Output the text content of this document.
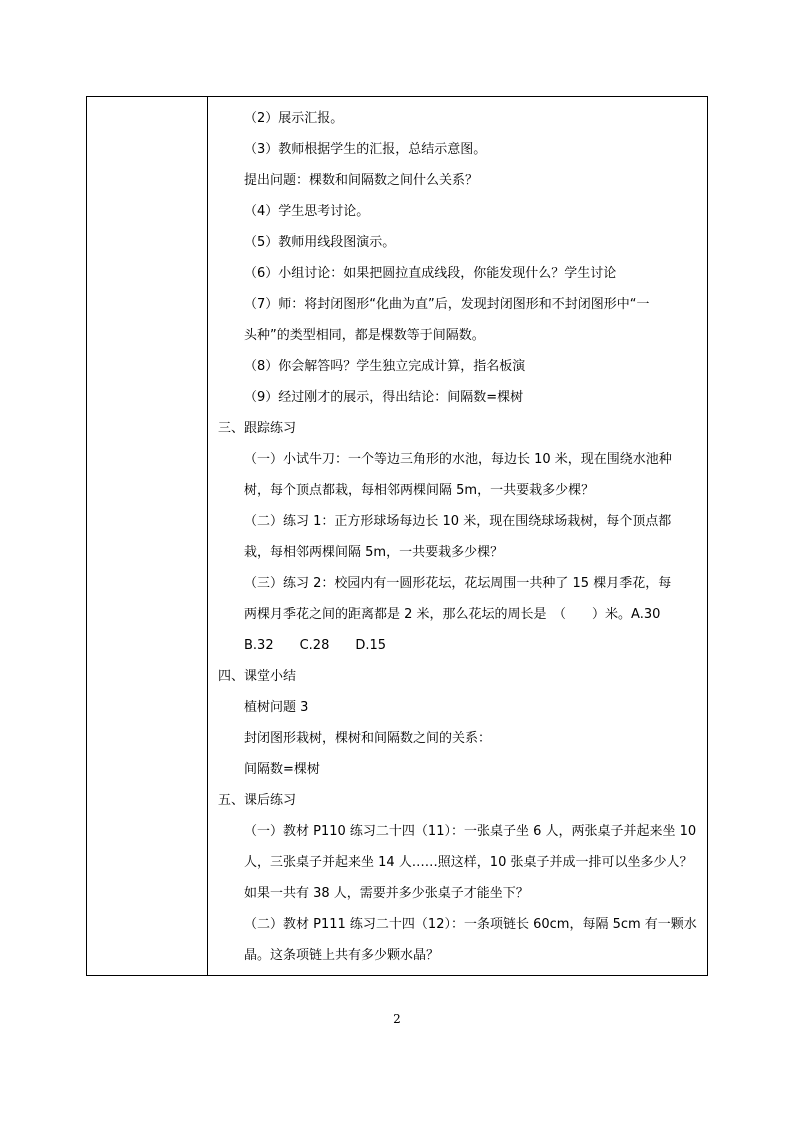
（2）展示汇报。
（3）教师根据学生的汇报，总结示意图。
提出问题：棵数和间隔数之间什么关系？
（4）学生思考讨论。
（5）教师用线段图演示。
（6）小组讨论：如果把圆拉直成线段，你能发现什么？学生讨论
（7）师：将封闭图形“化曲为直”后，发现封闭图形和不封闭图形中“一
头种”的类型相同，都是棵数等于间隔数。
（8）你会解答吗？学生独立完成计算，指名板演
（9）经过刚才的展示，得出结论：间隔数=棵树
三、跟踪练习
（一）小试牛刀：一个等边三角形的水池，每边长 10 米，现在围绕水池种
树，每个顶点都栽，每相邻两棵间隔 5m，一共要栽多少棵？
（二）练习 1：正方形球场每边长 10 米，现在围绕球场栽树，每个顶点都
栽，每相邻两棵间隔 5m，一共要栽多少棵？
（三）练习 2：校园内有一圆形花坛，花坛周围一共种了 15 棵月季花，每
两棵月季花之间的距离都是 2 米，那么花坛的周长是　（　　）米。A.30
B.32　　C.28　　D.15
四、课堂小结
植树问题 3
封闭图形栽树，棵树和间隔数之间的关系：
间隔数=棵树
五、课后练习
（一）教材 P110 练习二十四（11）：一张桌子坐 6 人，两张桌子并起来坐 10
人，三张桌子并起来坐 14 人……照这样，10 张桌子并成一排可以坐多少人？
如果一共有 38 人，需要并多少张桌子才能坐下？
（二）教材 P111 练习二十四（12）：一条项链长 60cm，每隔 5cm 有一颗水
晶。这条项链上共有多少颗水晶？
2
